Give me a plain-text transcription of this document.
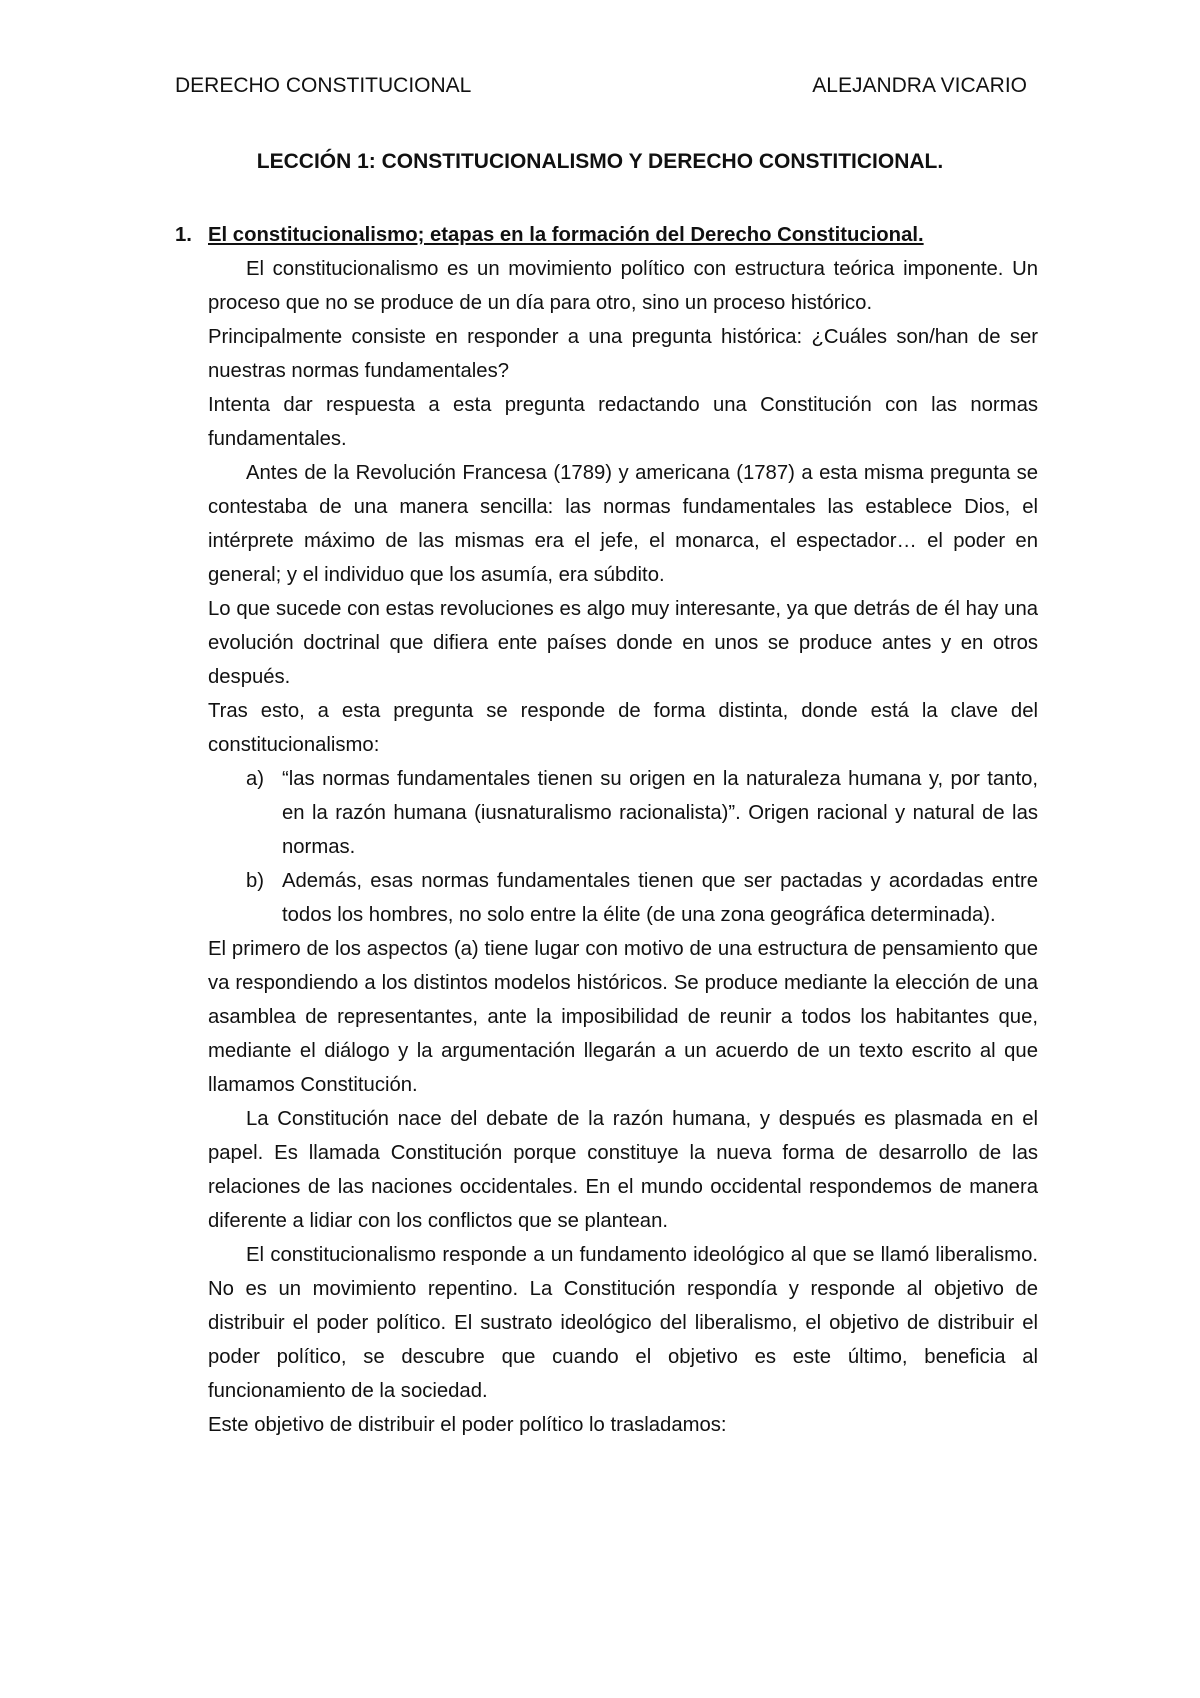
DERECHO CONSTITUCIONAL	ALEJANDRA VICARIO
LECCIÓN 1: CONSTITUCIONALISMO Y DERECHO CONSTITICIONAL.
1. El constitucionalismo; etapas en la formación del Derecho Constitucional.

El constitucionalismo es un movimiento político con estructura teórica imponente. Un proceso que no se produce de un día para otro, sino un proceso histórico.

Principalmente consiste en responder a una pregunta histórica: ¿Cuáles son/han de ser nuestras normas fundamentales?

Intenta dar respuesta a esta pregunta redactando una Constitución con las normas fundamentales.

Antes de la Revolución Francesa (1789) y americana (1787) a esta misma pregunta se contestaba de una manera sencilla: las normas fundamentales las establece Dios, el intérprete máximo de las mismas era el jefe, el monarca, el espectador… el poder en general; y el individuo que los asumía, era súbdito.

Lo que sucede con estas revoluciones es algo muy interesante, ya que detrás de él hay una evolución doctrinal que difiera ente países donde en unos se produce antes y en otros después.

Tras esto, a esta pregunta se responde de forma distinta, donde está la clave del constitucionalismo:

a) “las normas fundamentales tienen su origen en la naturaleza humana y, por tanto, en la razón humana (iusnaturalismo racionalista)”. Origen racional y natural de las normas.
b) Además, esas normas fundamentales tienen que ser pactadas y acordadas entre todos los hombres, no solo entre la élite (de una zona geográfica determinada).

El primero de los aspectos (a) tiene lugar con motivo de una estructura de pensamiento que va respondiendo a los distintos modelos históricos. Se produce mediante la elección de una asamblea de representantes, ante la imposibilidad de reunir a todos los habitantes que, mediante el diálogo y la argumentación llegarán a un acuerdo de un texto escrito al que llamamos Constitución.

La Constitución nace del debate de la razón humana, y después es plasmada en el papel. Es llamada Constitución porque constituye la nueva forma de desarrollo de las relaciones de las naciones occidentales. En el mundo occidental respondemos de manera diferente a lidiar con los conflictos que se plantean.

El constitucionalismo responde a un fundamento ideológico al que se llamó liberalismo. No es un movimiento repentino. La Constitución respondía y responde al objetivo de distribuir el poder político. El sustrato ideológico del liberalismo, el objetivo de distribuir el poder político, se descubre que cuando el objetivo es este último, beneficia al funcionamiento de la sociedad.

Este objetivo de distribuir el poder político lo trasladamos:
